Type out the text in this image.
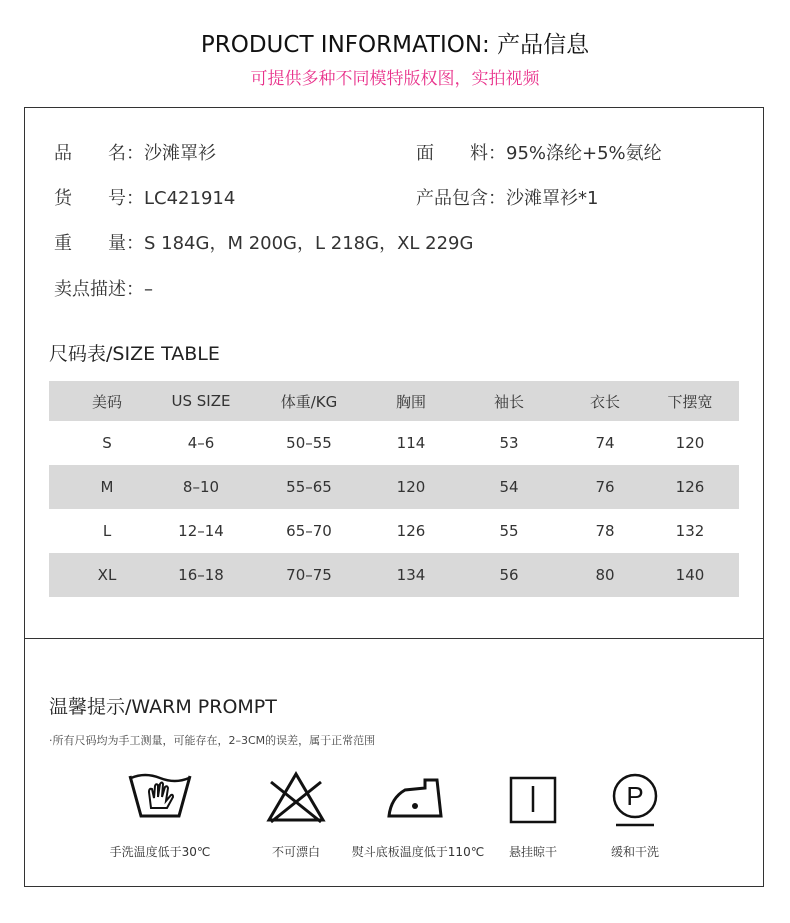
PRODUCT INFORMATION: 产品信息
可提供多种不同模特版权图，实拍视频
品　　名：沙滩罩衫	面　　料：95%涤纶+5%氨纶
货　　号：LC421914	产品包含：沙滩罩衫*1
重　　量：S 184G，M 200G，L 218G，XL 229G
卖点描述：–
尺码表/SIZE TABLE
美码	US SIZE	体重/KG	胸围	袖长	衣长	下摆宽
S	4–6	50–55	114	53	74	120
M	8–10	55–65	120	54	76	126
L	12–14	65–70	126	55	78	132
XL	16–18	70–75	134	56	80	140
温馨提示/WARM PROMPT
·所有尺码均为手工测量，可能存在，2–3CM的误差，属于正常范围
P
手洗温度低于30℃	不可漂白	熨斗底板温度低于110℃	悬挂晾干	缓和干洗
